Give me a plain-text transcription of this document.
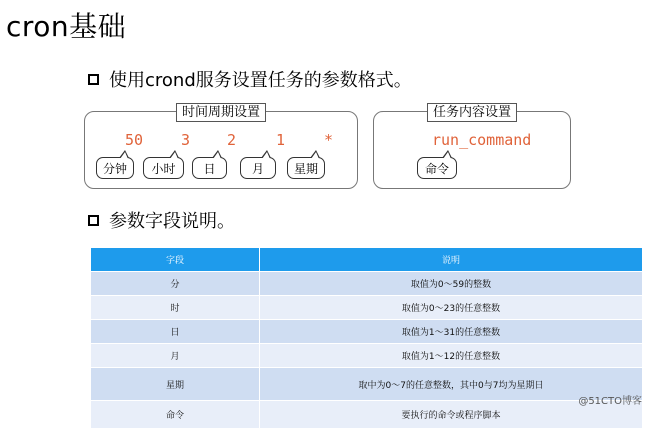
cron基础
使用crond服务设置任务的参数格式。
时间周期设置
50	3 2	1	*
分钟	小时	日	月	星期
任务内容设置
run_command
命令
参数字段说明。
字段	说明
分	取值为0～59的整数
时	取值为0～23的任意整数
日	取值为1～31的任意整数
月	取值为1～12的任意整数
星期	取中为0～7的任意整数，其中0与7均为星期日
命令	要执行的命令或程序脚本
@51CTO博客
